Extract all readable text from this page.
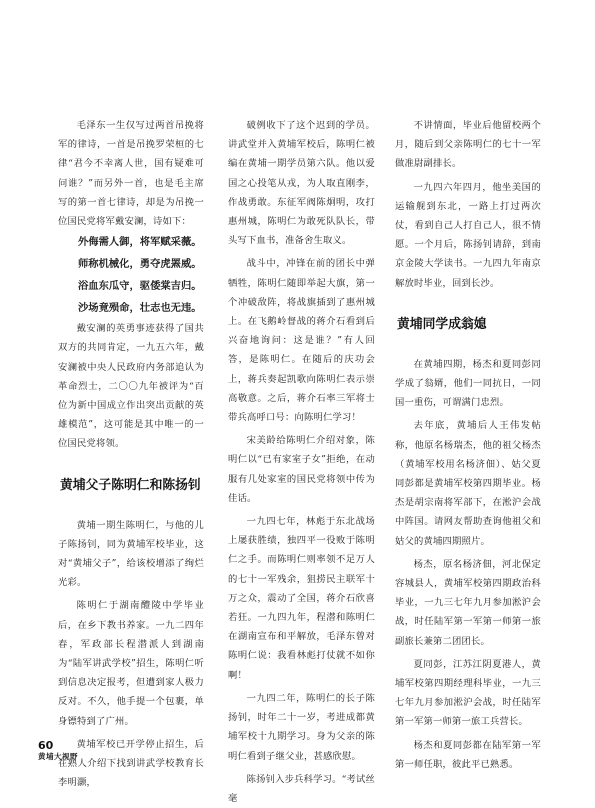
毛泽东一生仅写过两首吊挽将军的律诗，一首是吊挽罗荣桓的七律“君今不幸离人世，国有疑难可问谁？”而另外一首，也是毛主席写的第一首七律诗，却是为吊挽一位国民党将军戴安澜，诗如下：

外侮需人御，将军赋采薇。
师称机械化，勇夺虎罴威。
浴血东瓜守，驱倭棠吉归。
沙场竟殒命，壮志也无违。

戴安澜的英勇事迹获得了国共双方的共同肯定，一九五六年，戴安澜被中央人民政府内务部追认为革命烈士，二〇〇九年被评为“百位为新中国成立作出突出贡献的英雄模范”，这可能是其中唯一的一位国民党将领。

黄埔父子陈明仁和陈扬钊

黄埔一期生陈明仁，与他的儿子陈扬钊，同为黄埔军校毕业，这对“黄埔父子”，给该校增添了绚烂光彩。

陈明仁于湖南醴陵中学毕业后，在乡下教书养家。一九二四年春，军政部长程潜派人到湖南为“陆军讲武学校”招生，陈明仁听到信息决定报考，但遭到家人极力反对。不久，他手提一个包裹，单身镖特到了广州。

黄埔军校已开学停止招生，后在熟人介绍下找到讲武学校教育长李明灏，

破例收下了这个迟到的学员。讲武堂并入黄埔军校后，陈明仁被编在黄埔一期学员第六队。他以爱国之心投笔从戎，为人取直刚李，作战勇敢。东征军阀陈炯明，攻打惠州城，陈明仁为敢死队队长，带头写下血书，准备舍生取义。

战斗中，冲锋在前的团长中弹牺牲，陈明仁随即举起大旗，第一个冲破敌阵，将战旗插到了惠州城上。在飞鹅岭督战的蒋介石看到后兴奋地询问：这是谁？”有人回答，是陈明仁。在随后的庆功会上，蒋兵奏起凯歌向陈明仁表示崇高敬意。之后，蒋介石率三军将士带兵高呼口号：向陈明仁学习！

宋美龄给陈明仁介绍对象，陈明仁以“已有家室子女”拒绝，在动服有几处家室的国民党将领中传为佳话。

一九四七年，林彪于东北战场上屡获胜绩，独四平一役败于陈明仁之手。而陈明仁则率领不足万人的七十一军残余，狙捞民主联军十万之众，震动了全国，蒋介石欣喜若狂。一九四九年，程潜和陈明仁在湖南宣布和平解放，毛泽东曾对陈明仁说：我看林彪打仗就不如你啊！

一九四二年，陈明仁的长子陈扬钊，时年二十一岁，考进成都黄埔军校十九期学习。身为父亲的陈明仁看到子继父业，甚感欣慰。

陈扬钊入步兵科学习。“考试丝毫

不讲情面，毕业后他留校两个月，随后到父亲陈明仁的七十一军做准尉副排长。

一九四六年四月，他坐美国的运输舰到东北，一路上打过两次仗，看到自己人打自己人，很不情愿。一个月后，陈扬钊请辞，到南京金陵大学读书。一九四九年南京解放时毕业，回到长沙。

黄埔同学成翁媳

在黄埔四期，杨杰和夏同彭同学成了翁婿，他们一同抗日，一同国一重伤，可谓满门忠烈。

去年底，黄埔后人王伟发帖称，他原名杨瑞杰，他的祖父杨杰（黄埔军校用名杨济佃）、姑父夏同彭都是黄埔军校第四期毕业。杨杰是胡宗南将军部下，在淞沪会战中阵国。请网友帮助查询他祖父和姑父的黄埔四期照片。

杨杰，原名杨济佃，河北保定容城县人，黄埔军校第四期政治科毕业，一九三七年九月参加淞沪会战，时任陆军第一军第一师第一旅副旅长兼第二团团长。

夏同彭，江苏江阴夏港人，黄埔军校第四期经理科毕业，一九三七年九月参加淞沪会战，时任陆军第一军第一师第一旅工兵营长。

杨杰和夏同彭都在陆军第一军第一师任职，彼此平已熟悉。

60
黄埔大视野
